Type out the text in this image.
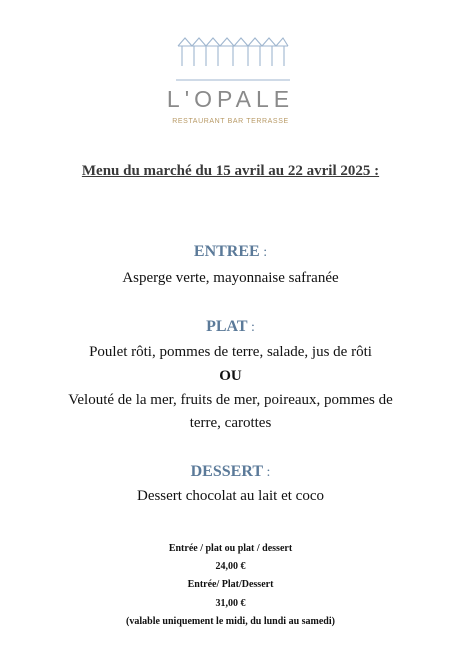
L'OPALE
RESTAURANT BAR TERRASSE
Menu du marché du 15 avril au 22 avril 2025 :
ENTREE :
Asperge verte, mayonnaise safranée
PLAT :
Poulet rôti, pommes de terre, salade, jus de rôti
OU
Velouté de la mer, fruits de mer, poireaux, pommes de
terre, carottes
DESSERT :
Dessert chocolat au lait et coco
Entrée / plat ou plat / dessert
24,00 €
Entrée/ Plat/Dessert
31,00 €
(valable uniquement le midi, du lundi au samedi)
